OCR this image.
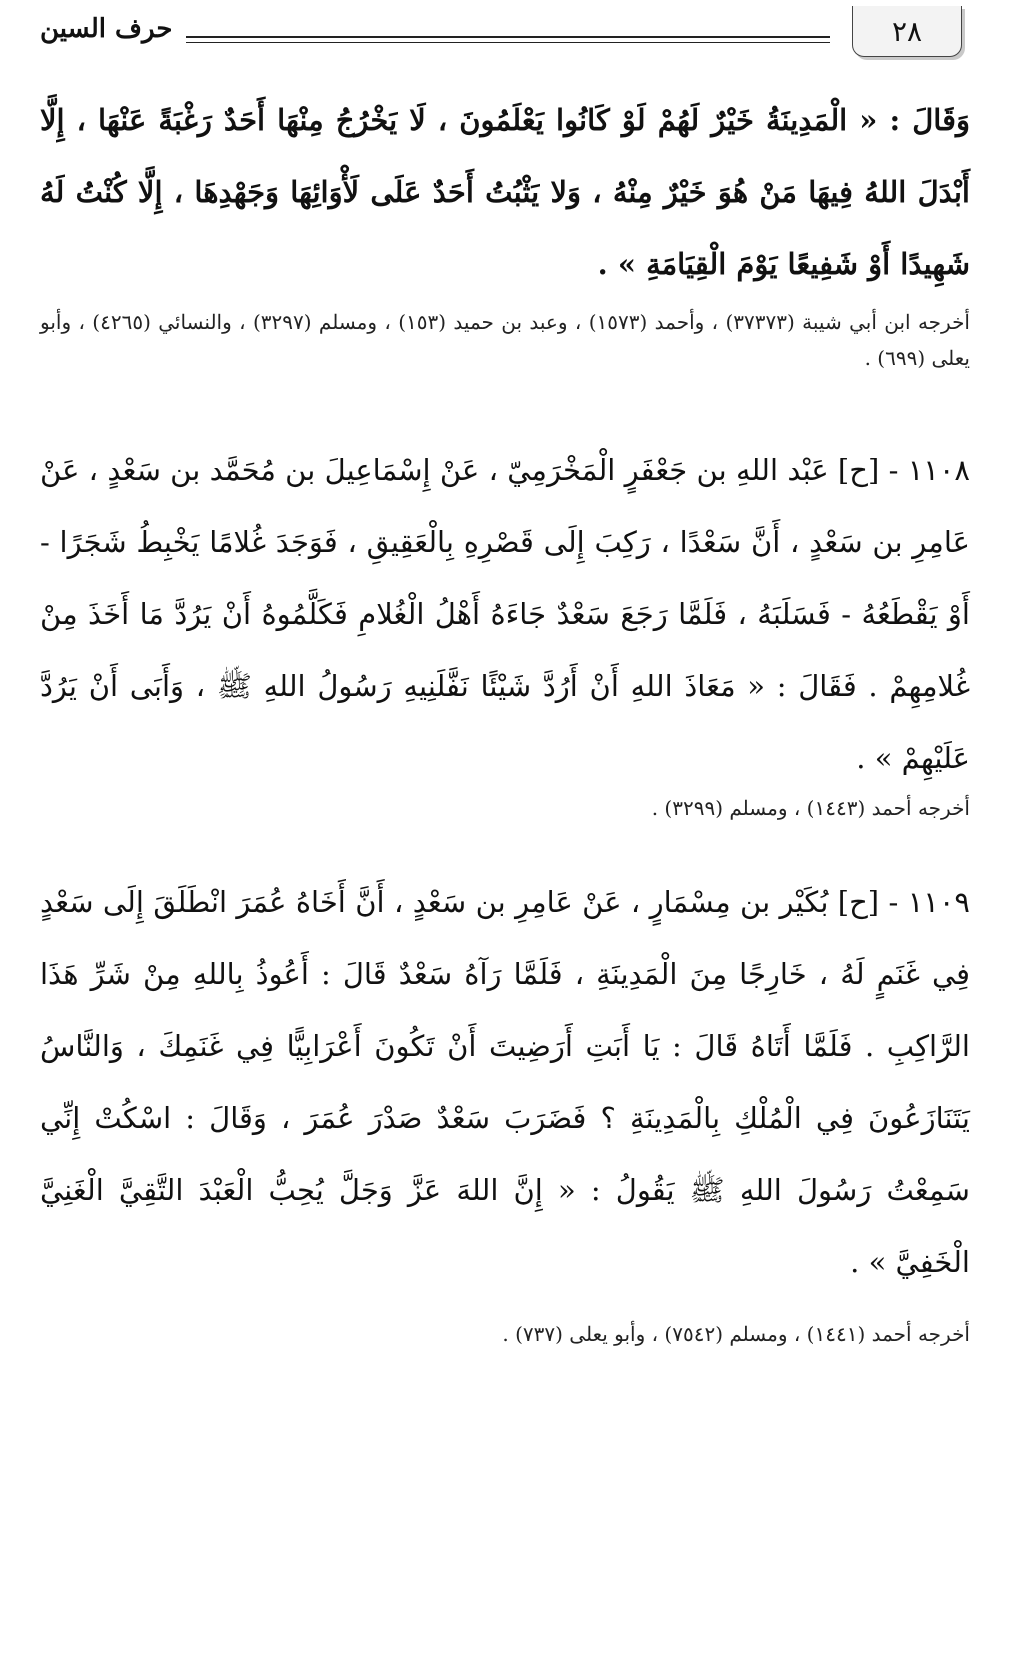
٢٨
حرف السين
وَقَالَ : « الْمَدِينَةُ خَيْرٌ لَهُمْ لَوْ كَانُوا يَعْلَمُونَ ، لَا يَخْرُجُ مِنْهَا أَحَدٌ رَغْبَةً عَنْهَا ، إِلَّا أَبْدَلَ اللهُ فِيهَا مَنْ هُوَ خَيْرٌ مِنْهُ ، وَلا يَثْبُتُ أَحَدٌ عَلَى لَأْوَائِهَا وَجَهْدِهَا ، إِلَّا كُنْتُ لَهُ شَهِيدًا أَوْ شَفِيعًا يَوْمَ الْقِيَامَةِ » .
أخرجه ابن أبي شيبة (٣٧٣٧٣) ، وأحمد (١٥٧٣) ، وعبد بن حميد (١٥٣) ، ومسلم (٣٢٩٧) ، والنسائي (٤٢٦٥) ، وأبو يعلى (٦٩٩) .
١١٠٨ - [ح] عَبْد اللهِ بن جَعْفَرٍ الْمَخْرَمِيّ ، عَنْ إِسْمَاعِيلَ بن مُحَمَّد بن سَعْدٍ ، عَنْ عَامِرِ بن سَعْدٍ ، أَنَّ سَعْدًا ، رَكِبَ إِلَى قَصْرِهِ بِالْعَقِيقِ ، فَوَجَدَ غُلامًا يَخْبِطُ شَجَرًا - أَوْ يَقْطَعُهُ - فَسَلَبَهُ ، فَلَمَّا رَجَعَ سَعْدٌ جَاءَهُ أَهْلُ الْغُلامِ فَكَلَّمُوهُ أَنْ يَرُدَّ مَا أَخَذَ مِنْ غُلامِهِمْ . فَقَالَ : « مَعَاذَ اللهِ أَنْ أَرُدَّ شَيْئًا نَفَّلَنِيهِ رَسُولُ اللهِ ﷺ ، وَأَبَى أَنْ يَرُدَّ عَلَيْهِمْ » .
أخرجه أحمد (١٤٤٣) ، ومسلم (٣٢٩٩) .
١١٠٩ - [ح] بُكَيْر بن مِسْمَارٍ ، عَنْ عَامِرِ بن سَعْدٍ ، أَنَّ أَخَاهُ عُمَرَ انْطَلَقَ إِلَى سَعْدٍ فِي غَنَمٍ لَهُ ، خَارِجًا مِنَ الْمَدِينَةِ ، فَلَمَّا رَآهُ سَعْدٌ قَالَ : أَعُوذُ بِاللهِ مِنْ شَرِّ هَذَا الرَّاكِبِ . فَلَمَّا أَتَاهُ قَالَ : يَا أَبَتِ أَرَضِيتَ أَنْ تَكُونَ أَعْرَابِيًّا فِي غَنَمِكَ ، وَالنَّاسُ يَتَنَازَعُونَ فِي الْمُلْكِ بِالْمَدِينَةِ ؟ فَضَرَبَ سَعْدٌ صَدْرَ عُمَرَ ، وَقَالَ : اسْكُتْ إِنِّي سَمِعْتُ رَسُولَ اللهِ ﷺ يَقُولُ : « إِنَّ اللهَ عَزَّ وَجَلَّ يُحِبُّ الْعَبْدَ التَّقِيَّ الْغَنِيَّ الْخَفِيَّ » .
أخرجه أحمد (١٤٤١) ، ومسلم (٧٥٤٢) ، وأبو يعلى (٧٣٧) .
